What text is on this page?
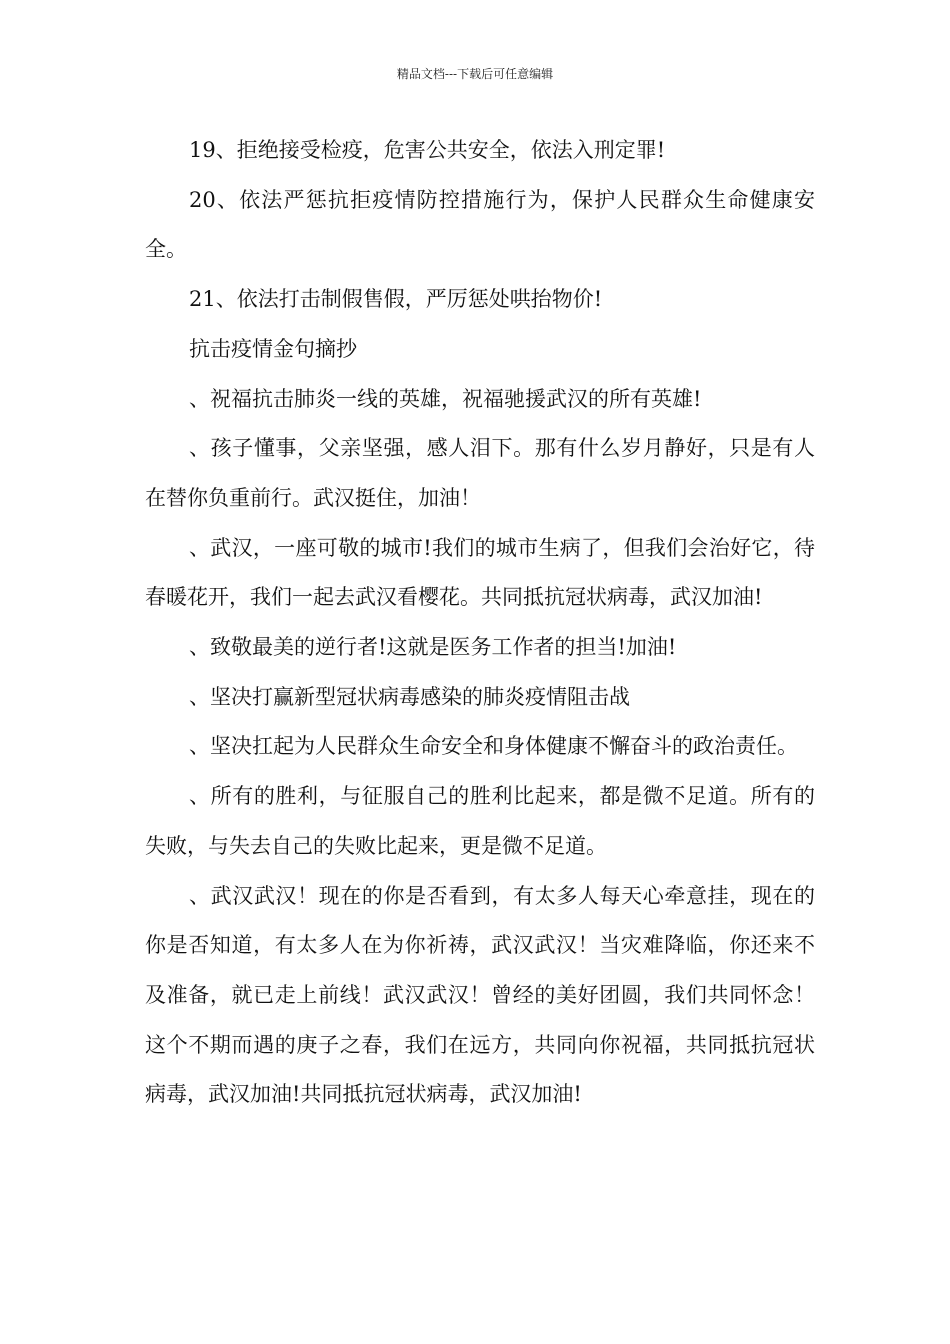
精品文档---下载后可任意编辑

19、拒绝接受检疫，危害公共安全，依法入刑定罪!

20、依法严惩抗拒疫情防控措施行为，保护人民群众生命健康安全。

21、依法打击制假售假，严厉惩处哄抬物价!

抗击疫情金句摘抄

、祝福抗击肺炎一线的英雄，祝福驰援武汉的所有英雄!

、孩子懂事，父亲坚强，感人泪下。那有什么岁月静好，只是有人在替你负重前行。武汉挺住，加油！

、武汉，一座可敬的城市!我们的城市生病了，但我们会治好它，待春暖花开，我们一起去武汉看樱花。共同抵抗冠状病毒，武汉加油!

、致敬最美的逆行者!这就是医务工作者的担当!加油!

、坚决打赢新型冠状病毒感染的肺炎疫情阻击战

、坚决扛起为人民群众生命安全和身体健康不懈奋斗的政治责任。

、所有的胜利，与征服自己的胜利比起来，都是微不足道。所有的失败，与失去自己的失败比起来，更是微不足道。

、武汉武汉！现在的你是否看到，有太多人每天心牵意挂，现在的你是否知道，有太多人在为你祈祷，武汉武汉！当灾难降临，你还来不及准备，就已走上前线！武汉武汉！曾经的美好团圆，我们共同怀念！这个不期而遇的庚子之春，我们在远方，共同向你祝福，共同抵抗冠状病毒，武汉加油!共同抵抗冠状病毒，武汉加油!
